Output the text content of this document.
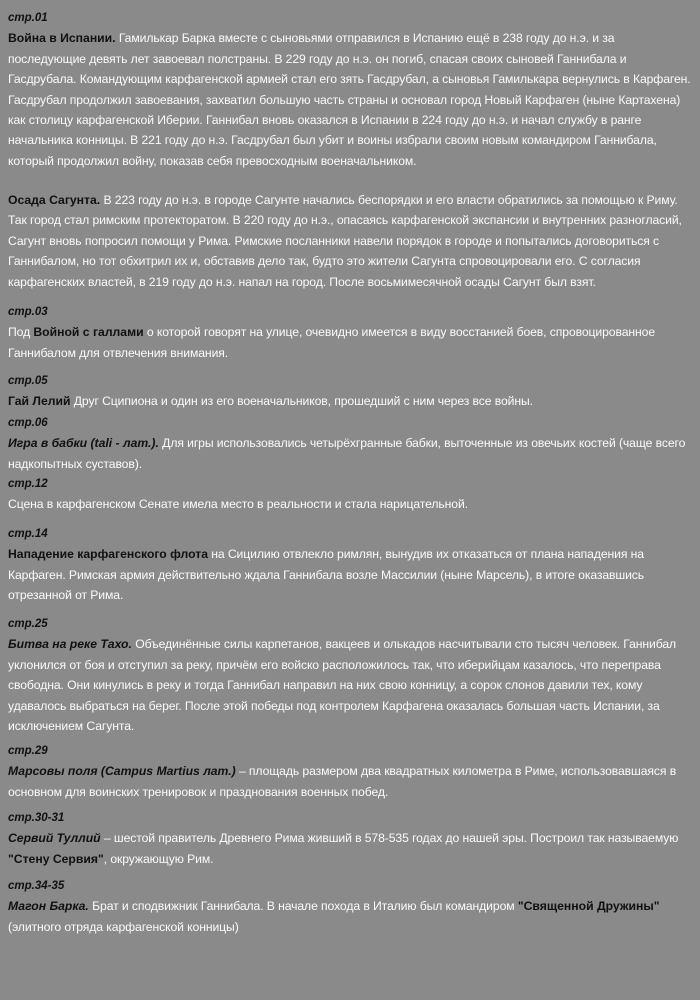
стр.01

Война в Испании. Гамилькар Барка вместе с сыновьями отправился в Испанию ещё в 238 году до н.э. и за последующие девять лет завоевал полстраны. В 229 году до н.э. он погиб, спасая своих сыновей Ганнибала и Гасдрубала. Командующим карфагенской армией стал его зять Гасдрубал, а сыновья Гамилькара вернулись в Карфаген. Гасдрубал продолжил завоевания, захватил большую часть страны и основал город Новый Карфаген (ныне Картахена) как столицу карфагенской Иберии. Ганнибал вновь оказался в Испании в 224 году до н.э. и начал службу в ранге начальника конницы. В 221 году до н.э. Гасдрубал был убит и воины избрали своим новым командиром Ганнибала, который продолжил войну, показав себя превосходным военачальником.

Осада Сагунта. В 223 году до н.э. в городе Сагунте начались беспорядки и его власти обратились за помощью к Риму. Так город стал римским протекторатом. В 220 году до н.э., опасаясь карфагенской экспансии и внутренних разногласий, Сагунт вновь попросил помощи у Рима. Римские посланники навели порядок в городе и попытались договориться с Ганнибалом, но тот обхитрил их и, обставив дело так, будто это жители Сагунта спровоцировали его. С согласия карфагенских властей, в 219 году до н.э. напал на город. После восьмимесячной осады Сагунт был взят.

стр.03

Под Войной с галлами о которой говорят на улице, очевидно имеется в виду восстанией боев, спровоцированное Ганнибалом для отвлечения внимания.

стр.05

Гай Лелий Друг Сципиона и один из его военачальников, прошедший с ним через все войны.

стр.06

Игра в бабки (tali - лат.). Для игры использовались четырёхгранные бабки, выточенные из овечьих костей (чаще всего надкопытных суставов).

стр.12

Сцена в карфагенском Сенате имела место в реальности и стала нарицательной.

стр.14

Нападение карфагенского флота на Сицилию отвлекло римлян, вынудив их отказаться от плана нападения на Карфаген. Римская армия действительно ждала Ганнибала возле Массилии (ныне Марсель), в итоге оказавшись отрезанной от Рима.

стр.25

Битва на реке Тахо. Объединённые силы карпетанов, вакцеев и олькадов насчитывали сто тысяч человек. Ганнибал уклонился от боя и отступил за реку, причём его войско расположилось так, что иберийцам казалось, что переправа свободна. Они кинулись в реку и тогда Ганнибал направил на них свою конницу, а сорок слонов давили тех, кому удавалось выбраться на берег. После этой победы под контролем Карфагена оказалась большая часть Испании, за исключением Сагунта.

стр.29

Марсовы поля (Campus Martius лат.) – площадь размером два квадратных километра в Риме, использовавшаяся в основном для воинских тренировок и празднования военных побед.

стр.30-31

Сервий Туллий – шестой правитель Древнего Рима живший в 578-535 годах до нашей эры. Построил так называемую "Стену Сервия", окружающую Рим.

стр.34-35

Магон Барка. Брат и сподвижник Ганнибала. В начале похода в Италию был командиром "Священной Дружины" (элитного отряда карфагенской конницы)
